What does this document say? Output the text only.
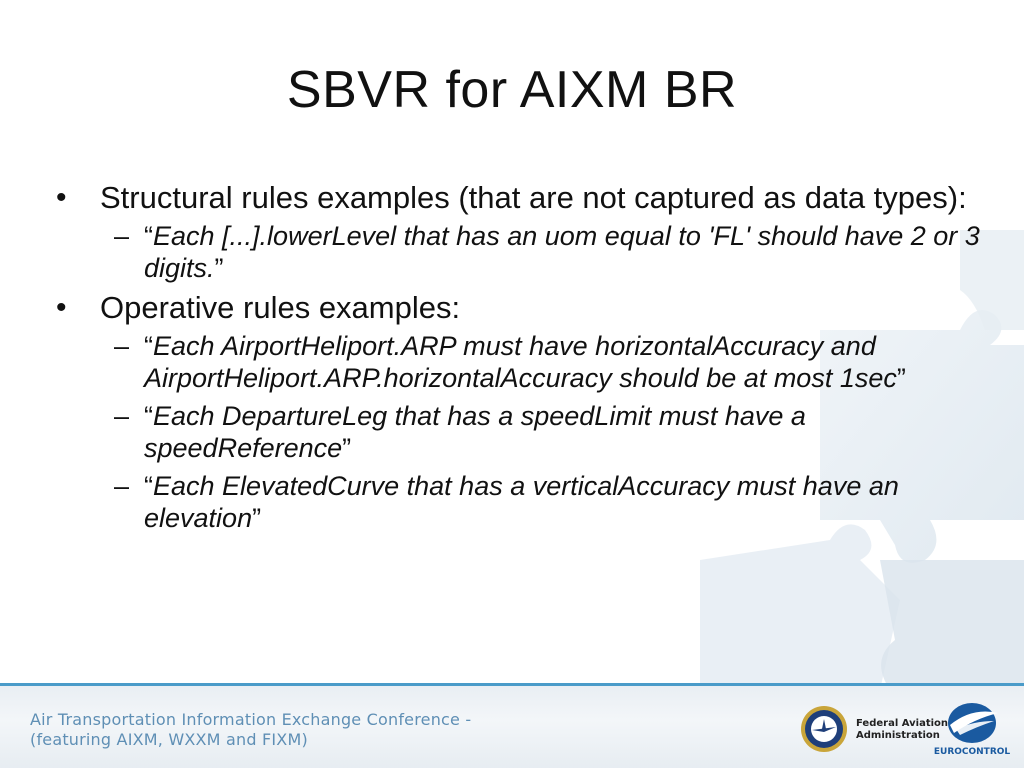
SBVR for AIXM BR
•	Structural rules examples (that are not captured as data types):
– “Each [...].lowerLevel that has an uom equal to 'FL' should have 2 or 3 digits.”
•	Operative rules examples:
– “Each AirportHeliport.ARP must have horizontalAccuracy and AirportHeliport.ARP.horizontalAccuracy should be at most 1sec”
– “Each DepartureLeg that has a speedLimit must have a speedReference”
– “Each ElevatedCurve that has a verticalAccuracy must have an elevation”
Air Transportation Information Exchange Conference -
(featuring AIXM, WXXM and FIXM)
Federal Aviation
Administration
EUROCONTROL
